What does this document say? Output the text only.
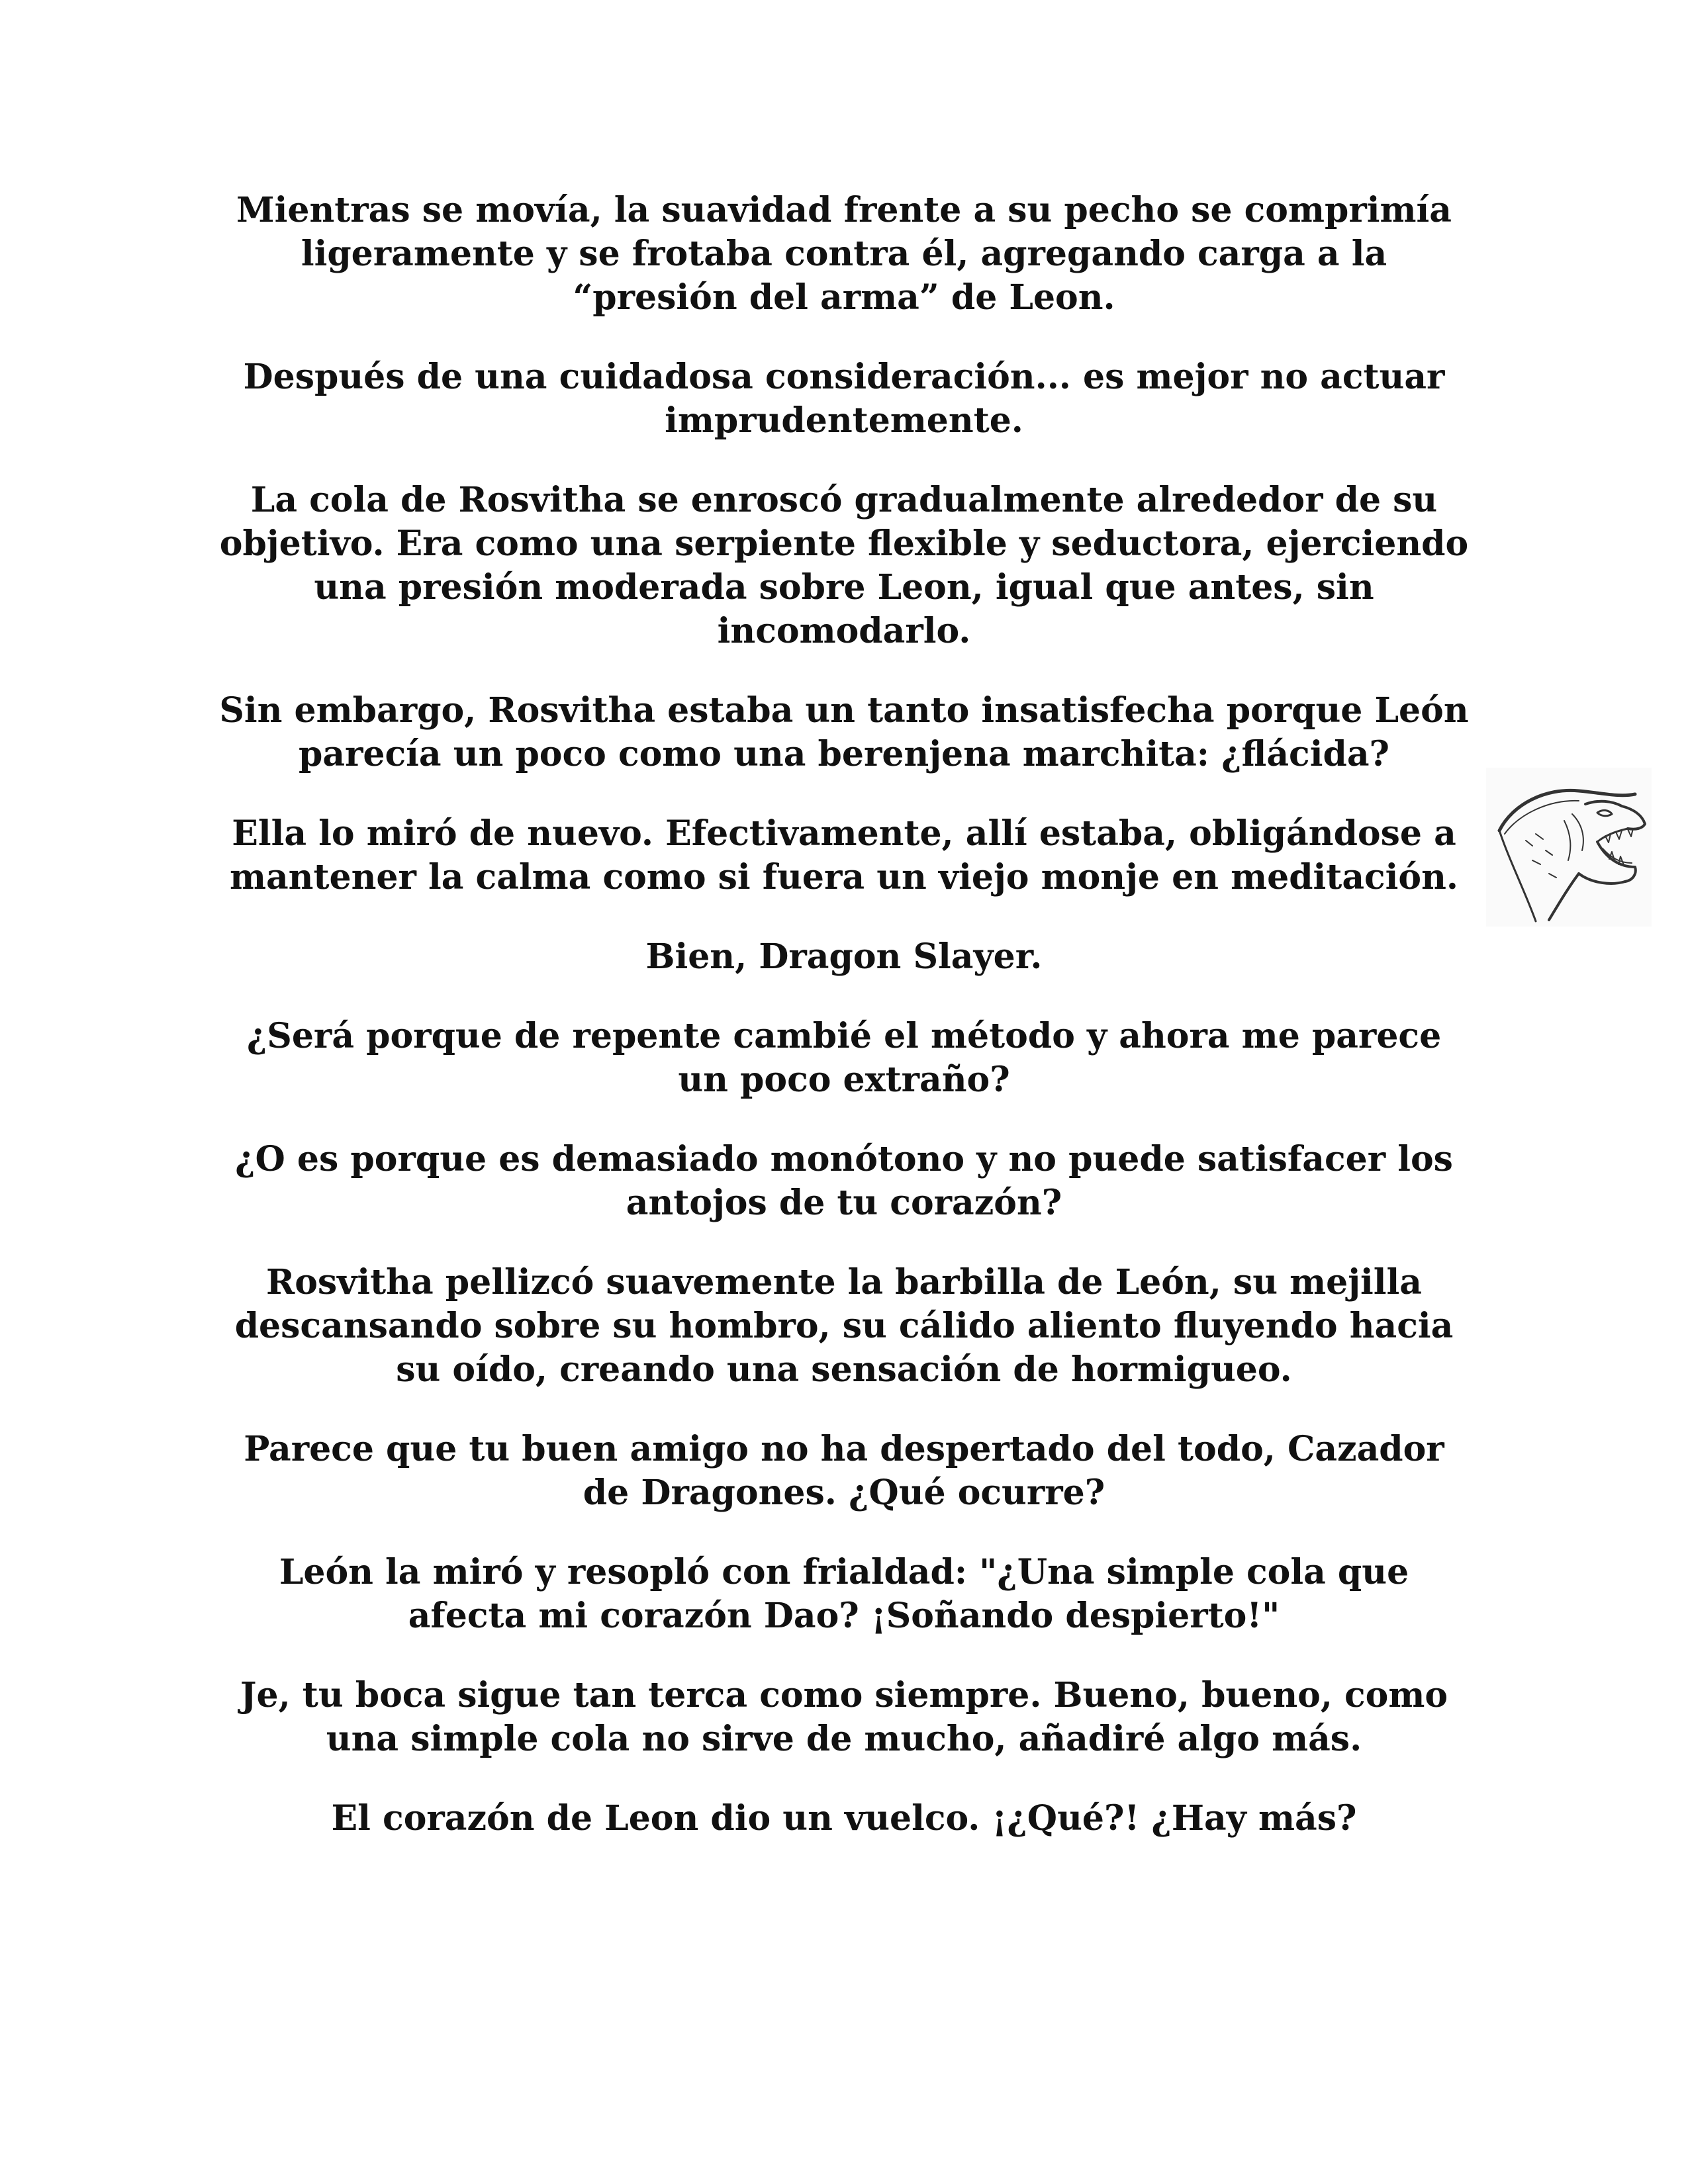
Mientras se movía, la suavidad frente a su pecho se comprimía ligeramente y se frotaba contra él, agregando carga a la “presión del arma” de Leon.

Después de una cuidadosa consideración... es mejor no actuar imprudentemente.

La cola de Rosvitha se enroscó gradualmente alrededor de su objetivo. Era como una serpiente flexible y seductora, ejerciendo una presión moderada sobre Leon, igual que antes, sin incomodarlo.

Sin embargo, Rosvitha estaba un tanto insatisfecha porque León parecía un poco como una berenjena marchita: ¿flácida?

Ella lo miró de nuevo. Efectivamente, allí estaba, obligándose a mantener la calma como si fuera un viejo monje en meditación.

Bien, Dragon Slayer.

¿Será porque de repente cambié el método y ahora me parece un poco extraño?

¿O es porque es demasiado monótono y no puede satisfacer los antojos de tu corazón?

Rosvitha pellizcó suavemente la barbilla de León, su mejilla descansando sobre su hombro, su cálido aliento fluyendo hacia su oído, creando una sensación de hormigueo.

Parece que tu buen amigo no ha despertado del todo, Cazador de Dragones. ¿Qué ocurre?

León la miró y resopló con frialdad: "¿Una simple cola que afecta mi corazón Dao? ¡Soñando despierto!"

Je, tu boca sigue tan terca como siempre. Bueno, bueno, como una simple cola no sirve de mucho, añadiré algo más.

El corazón de Leon dio un vuelco. ¡¿Qué?! ¿Hay más?
